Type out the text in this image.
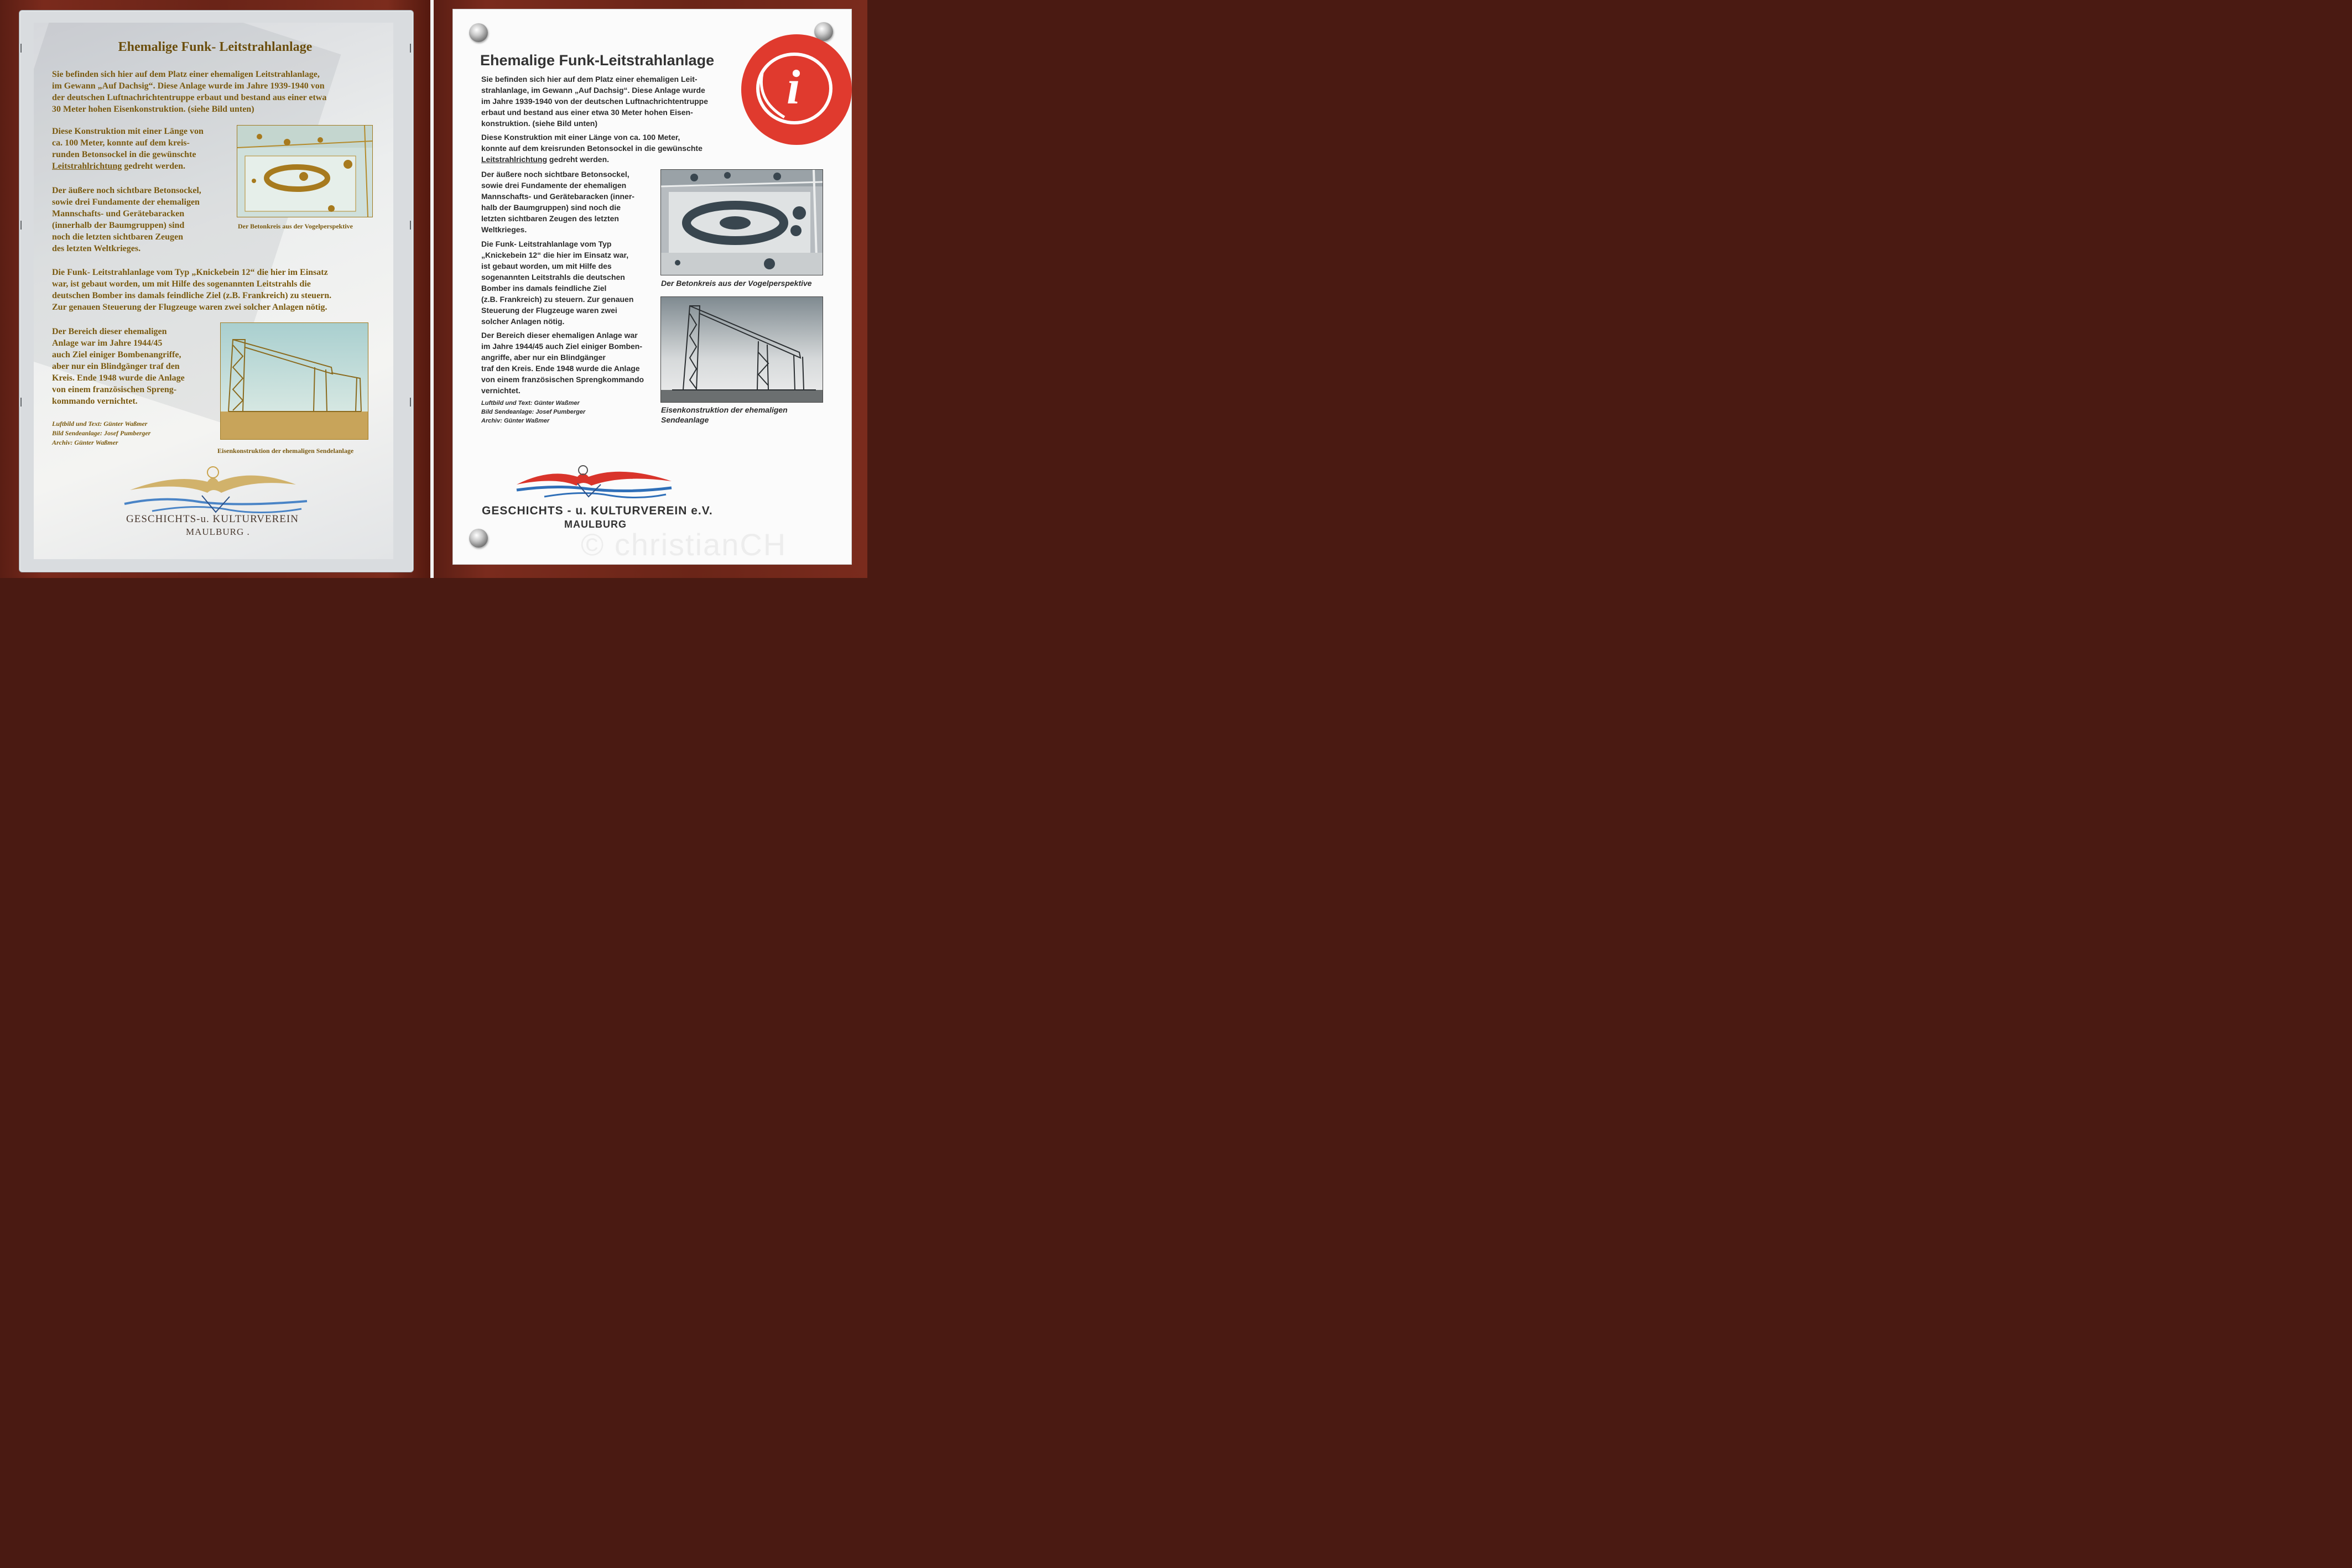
Ehemalige Funk- Leitstrahlanlage
Sie befinden sich hier auf dem Platz einer ehemaligen Leitstrahlanlage,
im Gewann „Auf Dachsig“. Diese Anlage wurde im Jahre 1939-1940 von
der deutschen Luftnachrichtentruppe erbaut und bestand aus einer etwa
30 Meter hohen Eisenkonstruktion. (siehe Bild unten)
Diese Konstruktion mit einer Länge von
ca. 100 Meter, konnte auf dem kreis-
runden Betonsockel in die gewünschte
Leitstrahlrichtung gedreht werden.
Der äußere noch sichtbare Betonsockel,
sowie drei Fundamente der ehemaligen
Mannschafts- und Gerätebaracken
(innerhalb der Baumgruppen) sind
noch die letzten sichtbaren Zeugen
des letzten Weltkrieges.
Der Betonkreis aus der Vogelperspektive
Die Funk- Leitstrahlanlage vom Typ „Knickebein 12“ die hier im Einsatz
war, ist gebaut worden, um mit Hilfe des sogenannten Leitstrahls die
deutschen Bomber ins damals feindliche Ziel (z.B. Frankreich) zu steuern.
Zur genauen Steuerung der Flugzeuge waren zwei solcher Anlagen nötig.
Der Bereich dieser ehemaligen
Anlage war im Jahre 1944/45
auch Ziel einiger Bombenangriffe,
aber nur ein Blindgänger traf den
Kreis. Ende 1948 wurde die Anlage
von einem französischen Spreng-
kommando vernichtet.
Luftbild und Text: Günter Waßmer
Bild Sendeanlage: Josef Pumberger
Archiv: Günter Waßmer
Eisenkonstruktion der ehemaligen Sendelanlage
GESCHICHTS-u. KULTURVEREIN
MAULBURG .
i
Ehemalige Funk-Leitstrahlanlage
Sie befinden sich hier auf dem Platz einer ehemaligen Leit-
strahlanlage, im Gewann „Auf Dachsig“. Diese Anlage wurde
im Jahre 1939-1940 von der deutschen Luftnachrichtentruppe
erbaut und bestand aus einer etwa 30 Meter hohen Eisen-
konstruktion. (siehe Bild unten)
Diese Konstruktion mit einer Länge von ca. 100 Meter,
konnte auf dem kreisrunden Betonsockel in die gewünschte
Leitstrahlrichtung gedreht werden.
Der äußere noch sichtbare Betonsockel,
sowie drei Fundamente der ehemaligen
Mannschafts- und Gerätebaracken (inner-
halb der Baumgruppen) sind noch die
letzten sichtbaren Zeugen des letzten
Weltkrieges.
Die Funk- Leitstrahlanlage vom Typ
„Knickebein 12“ die hier im Einsatz war,
ist gebaut worden, um mit Hilfe des
sogenannten Leitstrahls die deutschen
Bomber ins damals feindliche Ziel
(z.B. Frankreich) zu steuern. Zur genauen
Steuerung der Flugzeuge waren zwei
solcher Anlagen nötig.
Der Bereich dieser ehemaligen Anlage war
im Jahre 1944/45 auch Ziel einiger Bomben-
angriffe, aber nur ein Blindgänger
traf den Kreis. Ende 1948 wurde die Anlage
von einem französischen Sprengkommando
vernichtet.
Luftbild und Text: Günter Waßmer
Bild Sendeanlage: Josef Pumberger
Archiv: Günter Waßmer
Der Betonkreis aus der Vogelperspektive
Eisenkonstruktion der ehemaligen
Sendeanlage
GESCHICHTS - u. KULTURVEREIN e.V.
MAULBURG
© christianCH
